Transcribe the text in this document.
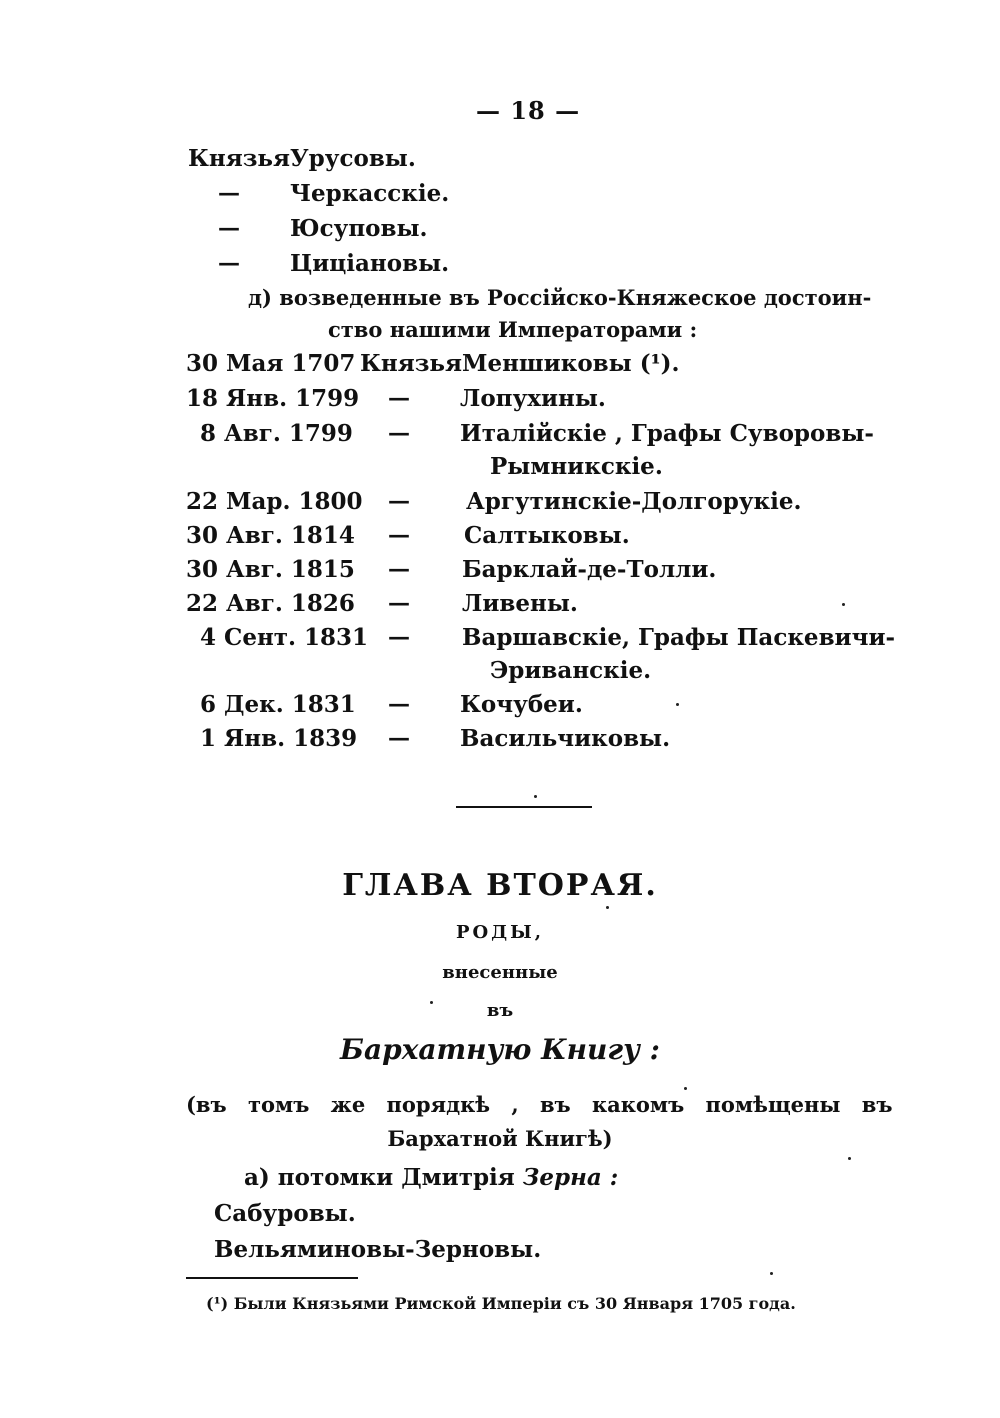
— 18 —
Князья Урусовы.
— Черкасскіе.
— Юсуповы.
— Циціановы.
д) возведенные въ Россійско-Княжеское достоин-
ство нашими Императорами :
30 Мая 1707 Князья Меншиковы (¹).
18 Янв. 1799 — Лопухины.
8 Авг. 1799 — Италійскіе , Графы Суворовы-
Рымникскіе.
22 Мар. 1800 — Аргутинскіе-Долгорукіе.
30 Авг. 1814 — Салтыковы.
30 Авг. 1815 — Барклай-де-Толли.
22 Авг. 1826 — Ливены.
4 Сент. 1831 — Варшавскіе, Графы Паскевичи-
Эриванскіе.
6 Дек. 1831 — Кочубеи.
1 Янв. 1839 — Васильчиковы.
ГЛАВА ВТОРАЯ.
РОДЫ,
внесенные
въ
Бархатную Книгу :
(въ томъ же порядкѣ , въ какомъ помѣщены въ
Бархатной Книгѣ)
а) потомки Дмитрія Зерна :
Сабуровы.
Вельяминовы-Зерновы.
(¹) Были Князьями Римской Имперіи съ 30 Января 1705 года.
